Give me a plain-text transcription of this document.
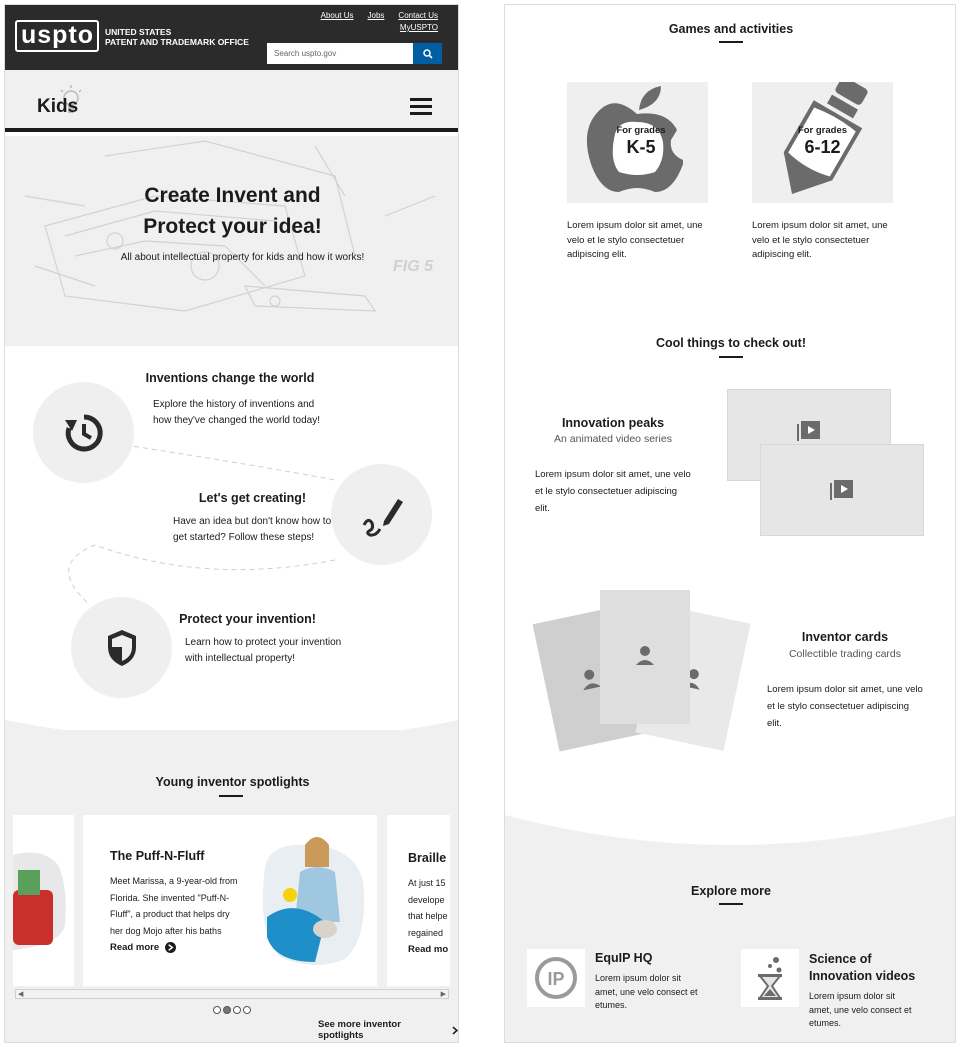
uspto	UNITED STATES
PATENT AND TRADEMARK OFFICE
About Us Jobs Contact Us
MyUSPTO
Search uspto.gov
Kids
FIG 5
Create Invent and
Protect your idea!
All about intellectual property for kids and how it works!
Inventions change the world
Explore the history of inventions and
how they've changed the world today!
Let's get creating!
Have an idea but don't know how to
get started? Follow these steps!
Protect your invention!
Learn how to protect your invention
with intellectual property!
Young inventor spotlights
The Puff-N-Fluff
Meet Marissa, a 9-year-old from
Florida. She invented "Puff-N-
Fluff", a product that helps dry
her dog Mojo after his baths
Read more
Braille
At just 15
develope
that helpe
regained
Read mo
◀	▶
See more inventor spotlights
Games and activities
For grades
K-5
Lorem ipsum dolor sit amet, une
velo et le stylo consectetuer
adipiscing elit.
For grades
6-12
Lorem ipsum dolor sit amet, une
velo et le stylo consectetuer
adipiscing elit.
Cool things to check out!
Innovation peaks
An animated video series
Lorem ipsum dolor sit amet, une velo
et le stylo consectetuer adipiscing
elit.
Inventor cards
Collectible trading cards
Lorem ipsum dolor sit amet, une velo
et le stylo consectetuer adipiscing
elit.
Explore more
IP
EquIP HQ
Lorem ipsum dolor sit
amet, une velo consect et
etumes.
Science of
Innovation videos
Lorem ipsum dolor sit
amet, une velo consect et
etumes.
